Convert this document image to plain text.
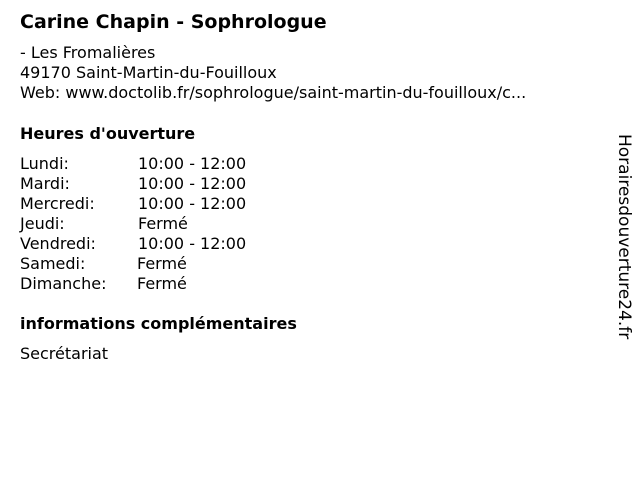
Carine Chapin - Sophrologue
- Les Fromalières
49170 Saint-Martin-du-Fouilloux
Web: www.doctolib.fr/sophrologue/saint-martin-du-fouilloux/c...
Heures d'ouverture
Lundi:	10:00 - 12:00
Mardi:	10:00 - 12:00
Mercredi:	10:00 - 12:00
Jeudi:	Fermé
Vendredi:	10:00 - 12:00
Samedi:	Fermé
Dimanche: Fermé
informations complémentaires
Secrétariat
Horairesdouverture24.fr
